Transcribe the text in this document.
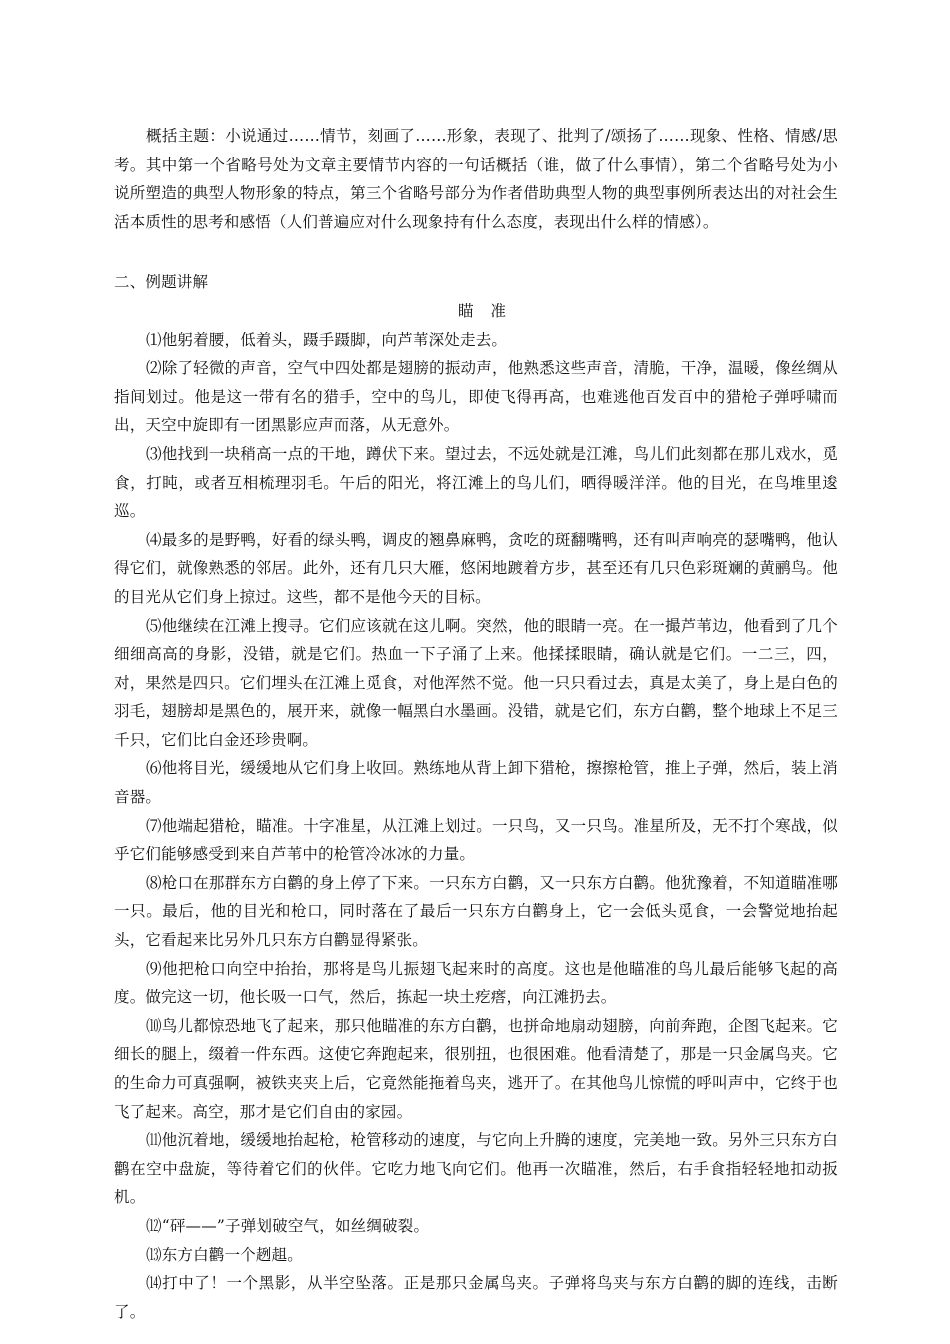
概括主题：小说通过……情节，刻画了……形象，表现了、批判了/颂扬了……现象、性格、情感/思考。其中第一个省略号处为文章主要情节内容的一句话概括（谁，做了什么事情），第二个省略号处为小说所塑造的典型人物形象的特点，第三个省略号部分为作者借助典型人物的典型事例所表达出的对社会生活本质性的思考和感悟（人们普遍应对什么现象持有什么态度，表现出什么样的情感）。

二、例题讲解

瞄 准

⑴他躬着腰，低着头，蹑手蹑脚，向芦苇深处走去。

⑵除了轻微的声音，空气中四处都是翅膀的振动声，他熟悉这些声音，清脆，干净，温暖，像丝绸从指间划过。他是这一带有名的猎手，空中的鸟儿，即使飞得再高，也难逃他百发百中的猎枪子弹呼啸而出，天空中旋即有一团黑影应声而落，从无意外。

⑶他找到一块稍高一点的干地，蹲伏下来。望过去，不远处就是江滩，鸟儿们此刻都在那儿戏水，觅食，打盹，或者互相梳理羽毛。午后的阳光，将江滩上的鸟儿们，晒得暖洋洋。他的目光，在鸟堆里逡巡。

⑷最多的是野鸭，好看的绿头鸭，调皮的翘鼻麻鸭，贪吃的斑翻嘴鸭，还有叫声响亮的瑟嘴鸭，他认得它们，就像熟悉的邻居。此外，还有几只大雁，悠闲地踱着方步，甚至还有几只色彩斑斓的黄鹂鸟。他的目光从它们身上掠过。这些，都不是他今天的目标。

⑸他继续在江滩上搜寻。它们应该就在这儿啊。突然，他的眼睛一亮。在一撮芦苇边，他看到了几个细细高高的身影，没错，就是它们。热血一下子涌了上来。他揉揉眼睛，确认就是它们。一二三，四，对，果然是四只。它们埋头在江滩上觅食，对他浑然不觉。他一只只看过去，真是太美了，身上是白色的羽毛，翅膀却是黑色的，展开来，就像一幅黑白水墨画。没错，就是它们，东方白鹳，整个地球上不足三千只，它们比白金还珍贵啊。

⑹他将目光，缓缓地从它们身上收回。熟练地从背上卸下猎枪，擦擦枪管，推上子弹，然后，装上消音器。

⑺他端起猎枪，瞄准。十字准星，从江滩上划过。一只鸟，又一只鸟。准星所及，无不打个寒战，似乎它们能够感受到来自芦苇中的枪管冷冰冰的力量。

⑻枪口在那群东方白鹳的身上停了下来。一只东方白鹳，又一只东方白鹳。他犹豫着，不知道瞄准哪一只。最后，他的目光和枪口，同时落在了最后一只东方白鹳身上，它一会低头觅食，一会警觉地抬起头，它看起来比另外几只东方白鹳显得紧张。

⑼他把枪口向空中抬抬，那将是鸟儿振翅飞起来时的高度。这也是他瞄准的鸟儿最后能够飞起的高度。做完这一切，他长吸一口气，然后，拣起一块土疙瘩，向江滩扔去。

⑽鸟儿都惊恐地飞了起来，那只他瞄准的东方白鹳，也拼命地扇动翅膀，向前奔跑，企图飞起来。它细长的腿上，缀着一件东西。这使它奔跑起来，很别扭，也很困难。他看清楚了，那是一只金属鸟夹。它的生命力可真强啊，被铁夹夹上后，它竟然能拖着鸟夹，逃开了。在其他鸟儿惊慌的呼叫声中，它终于也飞了起来。高空，那才是它们自由的家园。

⑾他沉着地，缓缓地抬起枪，枪管移动的速度，与它向上升腾的速度，完美地一致。另外三只东方白鹳在空中盘旋，等待着它们的伙伴。它吃力地飞向它们。他再一次瞄准，然后，右手食指轻轻地扣动扳机。

⑿“砰——”子弹划破空气，如丝绸破裂。

⒀东方白鹳一个趔趄。

⒁打中了！一个黑影，从半空坠落。正是那只金属鸟夹。子弹将鸟夹与东方白鹳的脚的连线，击断了。
